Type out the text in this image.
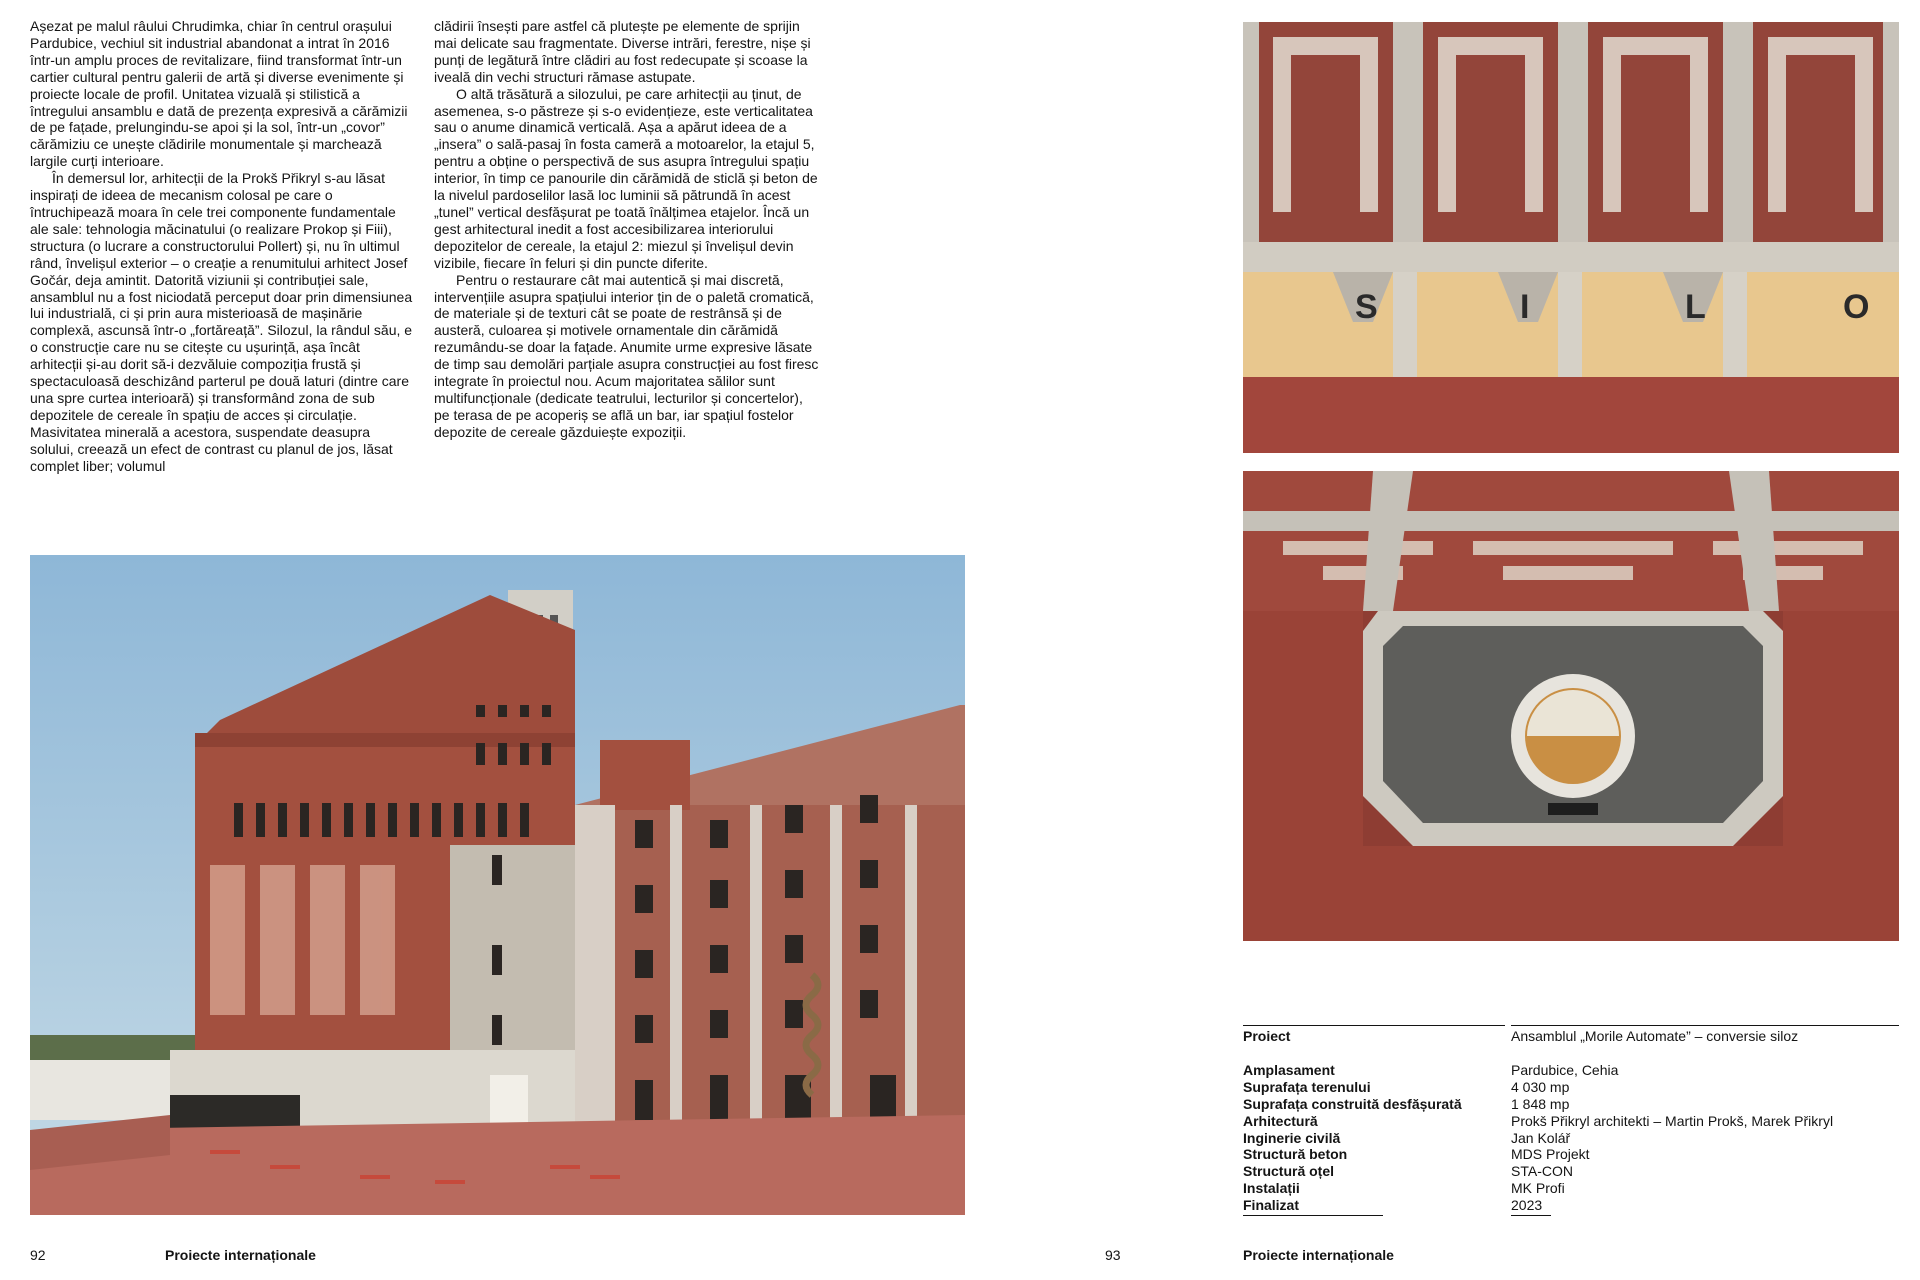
Așezat pe malul râului Chrudimka, chiar în centrul orașului Pardubice, vechiul sit industrial abandonat a intrat în 2016 într-un amplu proces de revitalizare, fiind transformat într-un cartier cultural pentru galerii de artă și diverse evenimente și proiecte locale de profil. Unitatea vizuală și stilistică a întregului ansamblu e dată de prezența expresivă a cărămizii de pe fațade, prelungindu-se apoi și la sol, într-un „covor” cărămiziu ce unește clădirile monumentale și marchează largile curți interioare.

În demersul lor, arhitecții de la Prokš Přikryl s-au lăsat inspirați de ideea de mecanism colosal pe care o întruchipează moara în cele trei componente fundamentale ale sale: tehnologia măcinatului (o realizare Prokop și Fiii), structura (o lucrare a constructorului Pollert) și, nu în ultimul rând, învelișul exterior – o creație a renumitului arhitect Josef Gočár, deja amintit. Datorită viziunii și contribuției sale, ansamblul nu a fost niciodată perceput doar prin dimensiunea lui industrială, ci și prin aura misterioasă de mașinărie complexă, ascunsă într-o „fortăreață”. Silozul, la rândul său, e o construcție care nu se citește cu ușurință, așa încât arhitecții și-au dorit să-i dezvăluie compoziția frustă și spectaculoasă deschizând parterul pe două laturi (dintre care una spre curtea interioară) și transformând zona de sub depozitele de cereale în spațiu de acces și circulație. Masivitatea minerală a acestora, suspendate deasupra solului, creează un efect de contrast cu planul de jos, lăsat complet liber; volumul

clădirii însești pare astfel că plutește pe elemente de sprijin mai delicate sau fragmentate. Diverse intrări, ferestre, nișe și punți de legătură între clădiri au fost redecupate și scoase la iveală din vechi structuri rămase astupate.

O altă trăsătură a silozului, pe care arhitecții au ținut, de asemenea, s-o păstreze și s-o evidențieze, este verticalitatea sau o anume dinamică verticală. Așa a apărut ideea de a „insera” o sală-pasaj în fosta cameră a motoarelor, la etajul 5, pentru a obține o perspectivă de sus asupra întregului spațiu interior, în timp ce panourile din cărămidă de sticlă și beton de la nivelul pardoselilor lasă loc luminii să pătrundă în acest „tunel” vertical desfășurat pe toată înălțimea etajelor. Încă un gest arhitectural inedit a fost accesibilizarea interiorului depozitelor de cereale, la etajul 2: miezul și învelișul devin vizibile, fiecare în feluri și din puncte diferite.

Pentru o restaurare cât mai autentică și mai discretă, intervențiile asupra spațiului interior țin de o paletă cromatică, de materiale și de texturi cât se poate de restrânsă și de austeră, culoarea și motivele ornamentale din cărămidă rezumându-se doar la fațade. Anumite urme expresive lăsate de timp sau demolări parțiale asupra construcției au fost firesc integrate în proiectul nou. Acum majoritatea sălilor sunt multifuncționale (dedicate teatrului, lecturilor și concertelor), pe terasa de pe acoperiș se află un bar, iar spațiul fostelor depozite de cereale găzduiește expoziții.

S	I	L	O
Proiect	Ansamblul „Morile Automate” – conversie siloz
Amplasament	Pardubice, Cehia
Suprafața terenului	4 030 mp
Suprafața construită desfășurată	1 848 mp
Arhitectură	Prokš Přikryl architekti – Martin Prokš, Marek Přikryl
Inginerie civilă	Jan Kolář
Structură beton	MDS Projekt
Structură oțel	STA-CON
Instalații	MK Profi
Finalizat	2023
92	Proiecte internaționale	93	Proiecte internaționale
